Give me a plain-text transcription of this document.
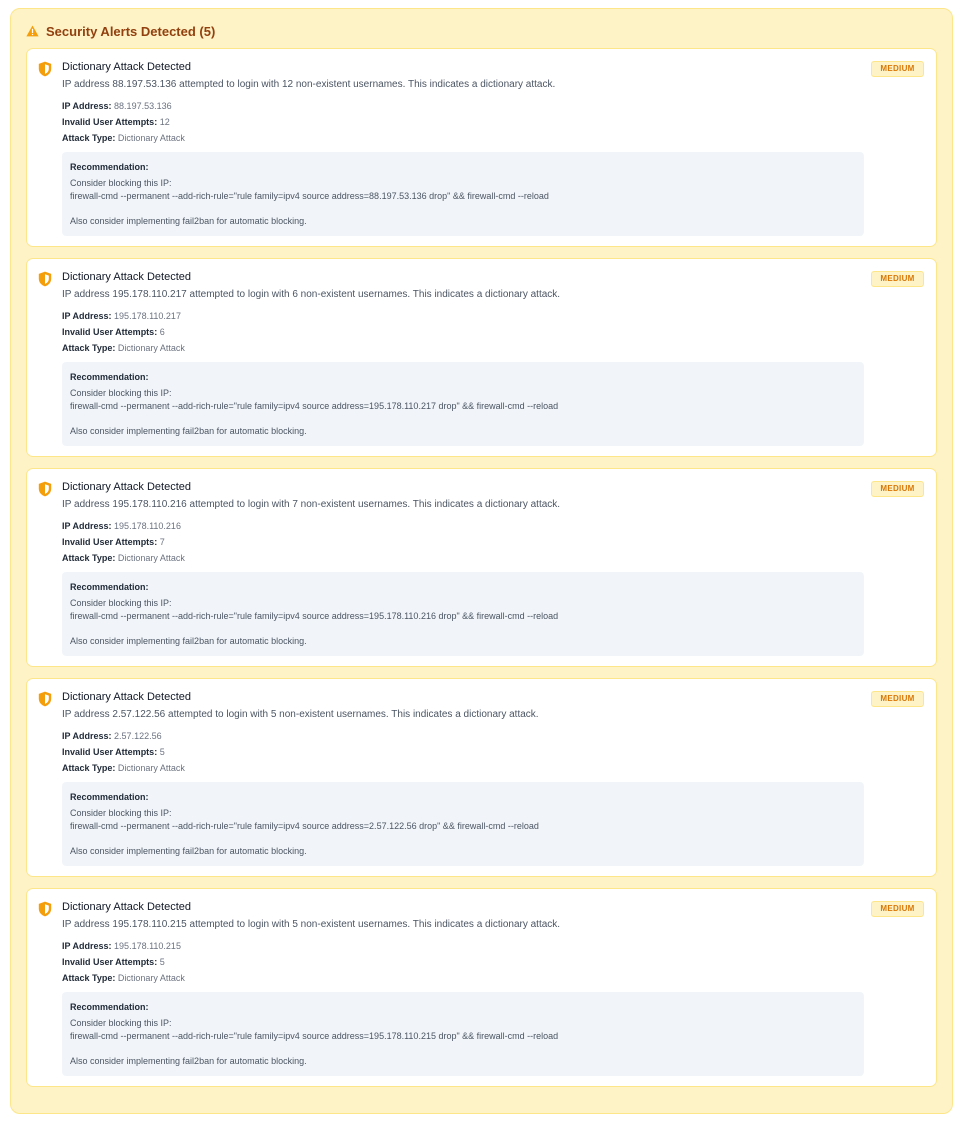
Security Alerts Detected (5)
Dictionary Attack Detected
IP address 88.197.53.136 attempted to login with 12 non-existent usernames. This indicates a dictionary attack.
IP Address: 88.197.53.136
Invalid User Attempts: 12
Attack Type: Dictionary Attack
Recommendation:
Consider blocking this IP:
firewall-cmd --permanent --add-rich-rule="rule family=ipv4 source address=88.197.53.136 drop" && firewall-cmd --reload
Also consider implementing fail2ban for automatic blocking.
MEDIUM
Dictionary Attack Detected
IP address 195.178.110.217 attempted to login with 6 non-existent usernames. This indicates a dictionary attack.
IP Address: 195.178.110.217
Invalid User Attempts: 6
Attack Type: Dictionary Attack
Recommendation:
Consider blocking this IP:
firewall-cmd --permanent --add-rich-rule="rule family=ipv4 source address=195.178.110.217 drop" && firewall-cmd --reload
Also consider implementing fail2ban for automatic blocking.
MEDIUM
Dictionary Attack Detected
IP address 195.178.110.216 attempted to login with 7 non-existent usernames. This indicates a dictionary attack.
IP Address: 195.178.110.216
Invalid User Attempts: 7
Attack Type: Dictionary Attack
Recommendation:
Consider blocking this IP:
firewall-cmd --permanent --add-rich-rule="rule family=ipv4 source address=195.178.110.216 drop" && firewall-cmd --reload
Also consider implementing fail2ban for automatic blocking.
MEDIUM
Dictionary Attack Detected
IP address 2.57.122.56 attempted to login with 5 non-existent usernames. This indicates a dictionary attack.
IP Address: 2.57.122.56
Invalid User Attempts: 5
Attack Type: Dictionary Attack
Recommendation:
Consider blocking this IP:
firewall-cmd --permanent --add-rich-rule="rule family=ipv4 source address=2.57.122.56 drop" && firewall-cmd --reload
Also consider implementing fail2ban for automatic blocking.
MEDIUM
Dictionary Attack Detected
IP address 195.178.110.215 attempted to login with 5 non-existent usernames. This indicates a dictionary attack.
IP Address: 195.178.110.215
Invalid User Attempts: 5
Attack Type: Dictionary Attack
Recommendation:
Consider blocking this IP:
firewall-cmd --permanent --add-rich-rule="rule family=ipv4 source address=195.178.110.215 drop" && firewall-cmd --reload
Also consider implementing fail2ban for automatic blocking.
MEDIUM
